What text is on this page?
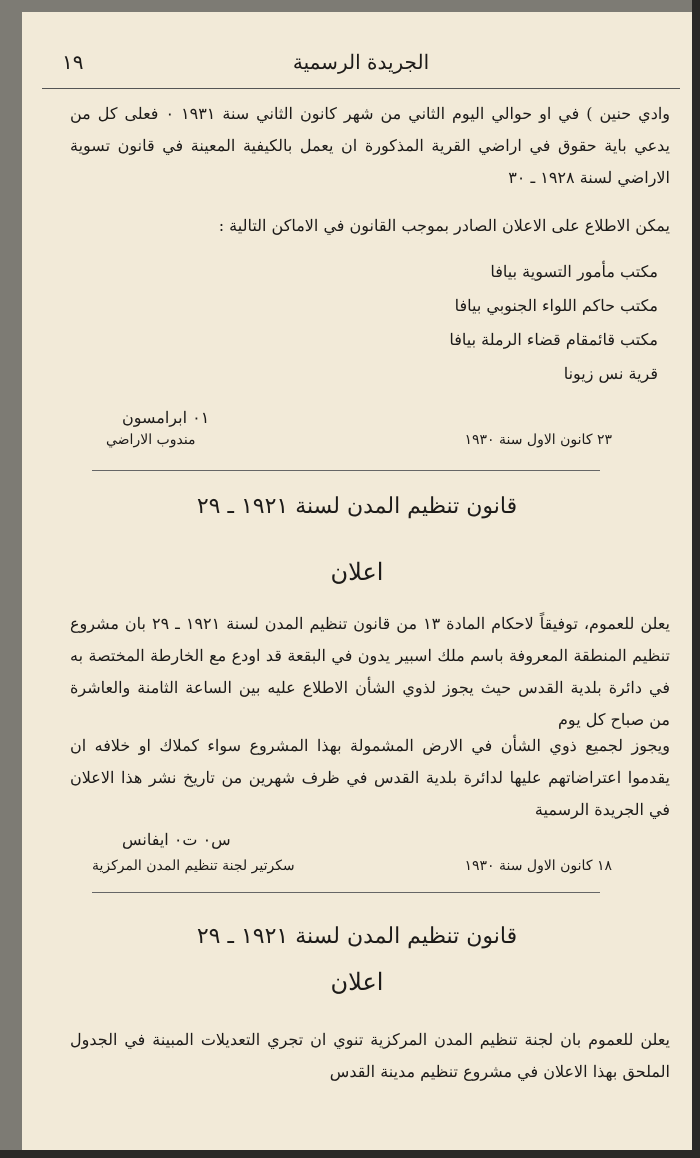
١٩	الجريدة الرسمية
وادي حنين ) في او حوالي اليوم الثاني من شهر كانون الثاني سنة ١٩٣١ ٠ فعلى كل من يدعي باية حقوق في اراضي القرية المذكورة ان يعمل بالكيفية المعينة في قانون تسوية الاراضي لسنة ١٩٢٨ ـ ٣٠
يمكن الاطلاع على الاعلان الصادر بموجب القانون في الاماكن التالية :
مكتب مأمور التسوية بيافا
مكتب حاكم اللواء الجنوبي بيافا
مكتب قائمقام قضاء الرملة بيافا
قرية نس زيونا
٠١ ابرامسون
مندوب الاراضي	٢٣ كانون الاول سنة ١٩٣٠
قانون تنظيم المدن لسنة ١٩٢١ ـ ٢٩
اعلان
يعلن للعموم، توفيقاً لاحكام المادة ١٣ من قانون تنظيم المدن لسنة ١٩٢١ ـ ٢٩ بان مشروع تنظيم المنطقة المعروفة باسم ملك اسبير يدون في البقعة قد اودع مع الخارطة المختصة به في دائرة بلدية القدس حيث يجوز لذوي الشأن الاطلاع عليه بين الساعة الثامنة والعاشرة من صباح كل يوم
ويجوز لجميع ذوي الشأن في الارض المشمولة بهذا المشروع سواء كملاك او خلافه ان يقدموا اعتراضاتهم عليها لدائرة بلدية القدس في ظرف شهرين من تاريخ نشر هذا الاعلان في الجريدة الرسمية
س٠ ت٠ ايفانس
سكرتير لجنة تنظيم المدن المركزية	١٨ كانون الاول سنة ١٩٣٠
قانون تنظيم المدن لسنة ١٩٢١ ـ ٢٩
اعلان
يعلن للعموم بان لجنة تنظيم المدن المركزية تنوي ان تجري التعديلات المبينة في الجدول الملحق بهذا الاعلان في مشروع تنظيم مدينة القدس
